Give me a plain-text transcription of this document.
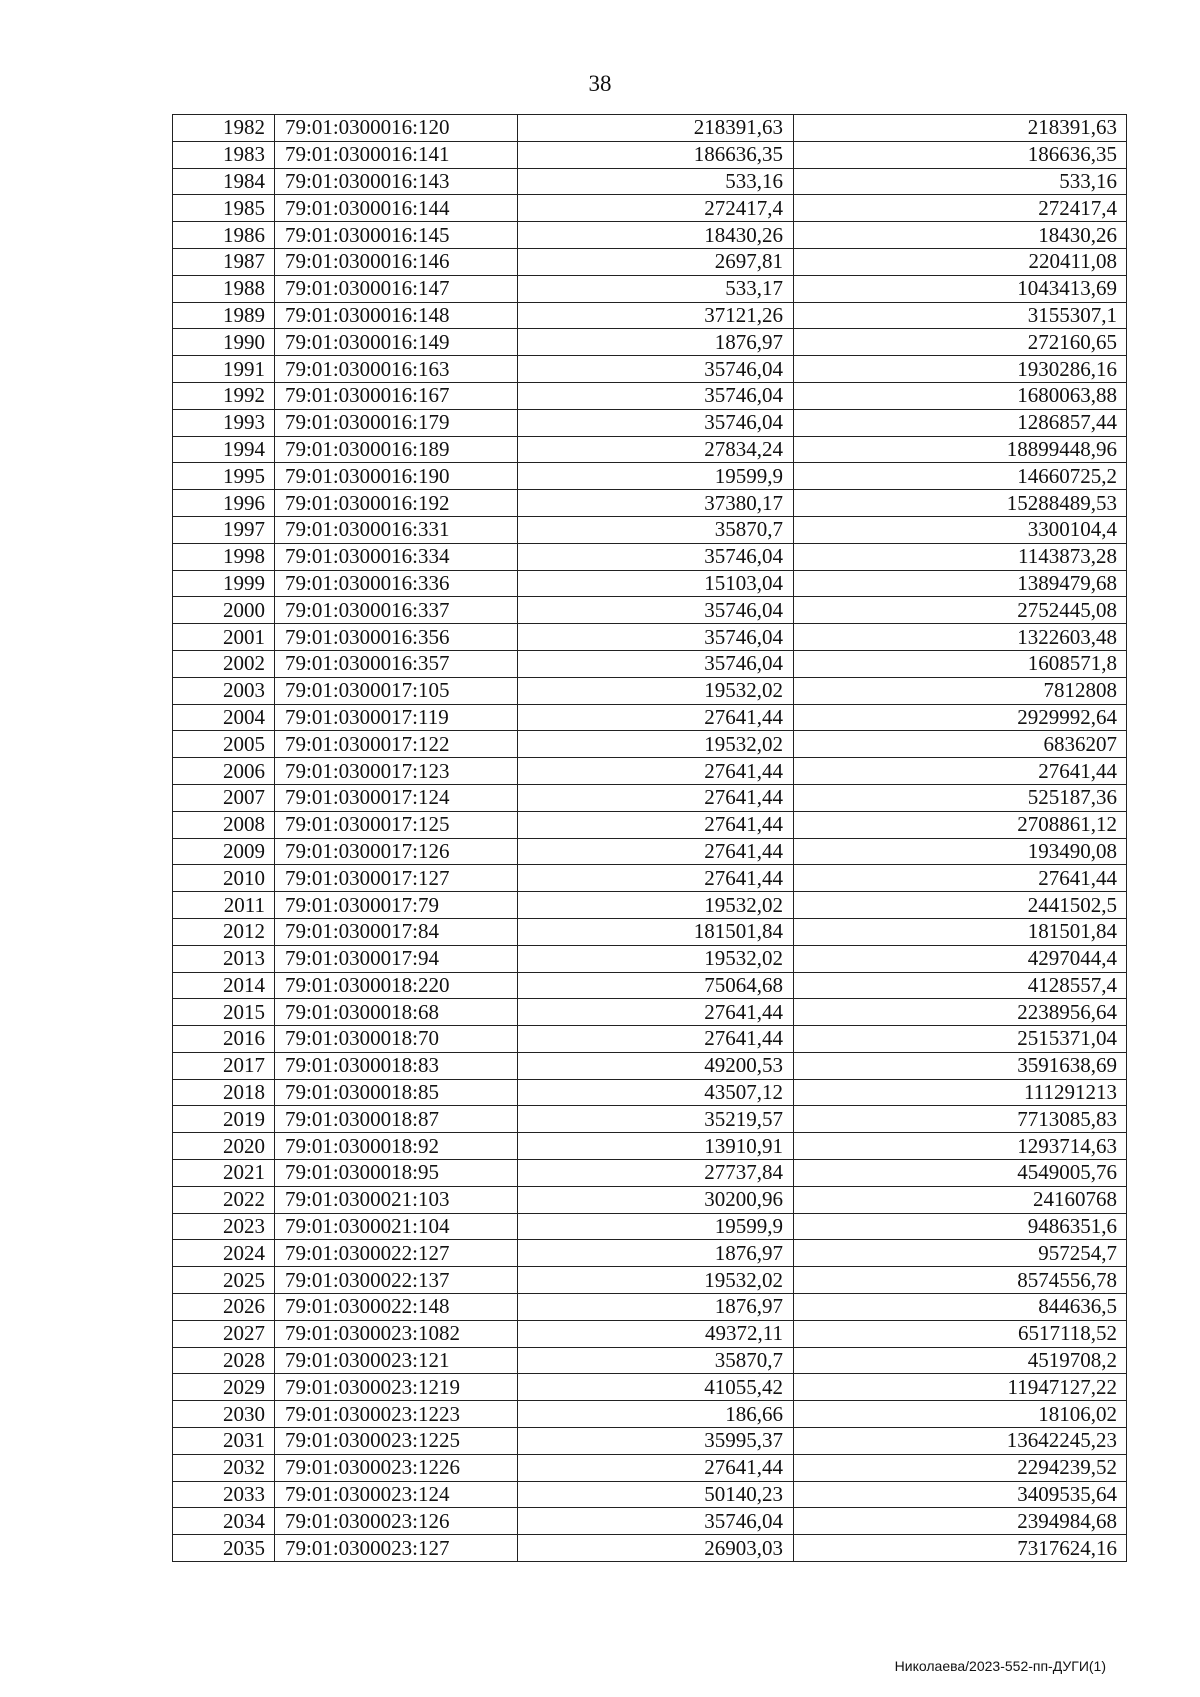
38
1982	79:01:0300016:120	218391,63	218391,63
1983	79:01:0300016:141	186636,35	186636,35
1984	79:01:0300016:143	533,16	533,16
1985	79:01:0300016:144	272417,4	272417,4
1986	79:01:0300016:145	18430,26	18430,26
1987	79:01:0300016:146	2697,81	220411,08
1988	79:01:0300016:147	533,17	1043413,69
1989	79:01:0300016:148	37121,26	3155307,1
1990	79:01:0300016:149	1876,97	272160,65
1991	79:01:0300016:163	35746,04	1930286,16
1992	79:01:0300016:167	35746,04	1680063,88
1993	79:01:0300016:179	35746,04	1286857,44
1994	79:01:0300016:189	27834,24	18899448,96
1995	79:01:0300016:190	19599,9	14660725,2
1996	79:01:0300016:192	37380,17	15288489,53
1997	79:01:0300016:331	35870,7	3300104,4
1998	79:01:0300016:334	35746,04	1143873,28
1999	79:01:0300016:336	15103,04	1389479,68
2000	79:01:0300016:337	35746,04	2752445,08
2001	79:01:0300016:356	35746,04	1322603,48
2002	79:01:0300016:357	35746,04	1608571,8
2003	79:01:0300017:105	19532,02	7812808
2004	79:01:0300017:119	27641,44	2929992,64
2005	79:01:0300017:122	19532,02	6836207
2006	79:01:0300017:123	27641,44	27641,44
2007	79:01:0300017:124	27641,44	525187,36
2008	79:01:0300017:125	27641,44	2708861,12
2009	79:01:0300017:126	27641,44	193490,08
2010	79:01:0300017:127	27641,44	27641,44
2011	79:01:0300017:79	19532,02	2441502,5
2012	79:01:0300017:84	181501,84	181501,84
2013	79:01:0300017:94	19532,02	4297044,4
2014	79:01:0300018:220	75064,68	4128557,4
2015	79:01:0300018:68	27641,44	2238956,64
2016	79:01:0300018:70	27641,44	2515371,04
2017	79:01:0300018:83	49200,53	3591638,69
2018	79:01:0300018:85	43507,12	111291213
2019	79:01:0300018:87	35219,57	7713085,83
2020	79:01:0300018:92	13910,91	1293714,63
2021	79:01:0300018:95	27737,84	4549005,76
2022	79:01:0300021:103	30200,96	24160768
2023	79:01:0300021:104	19599,9	9486351,6
2024	79:01:0300022:127	1876,97	957254,7
2025	79:01:0300022:137	19532,02	8574556,78
2026	79:01:0300022:148	1876,97	844636,5
2027	79:01:0300023:1082	49372,11	6517118,52
2028	79:01:0300023:121	35870,7	4519708,2
2029	79:01:0300023:1219	41055,42	11947127,22
2030	79:01:0300023:1223	186,66	18106,02
2031	79:01:0300023:1225	35995,37	13642245,23
2032	79:01:0300023:1226	27641,44	2294239,52
2033	79:01:0300023:124	50140,23	3409535,64
2034	79:01:0300023:126	35746,04	2394984,68
2035	79:01:0300023:127	26903,03	7317624,16
Николаева/2023-552-пп-ДУГИ(1)
